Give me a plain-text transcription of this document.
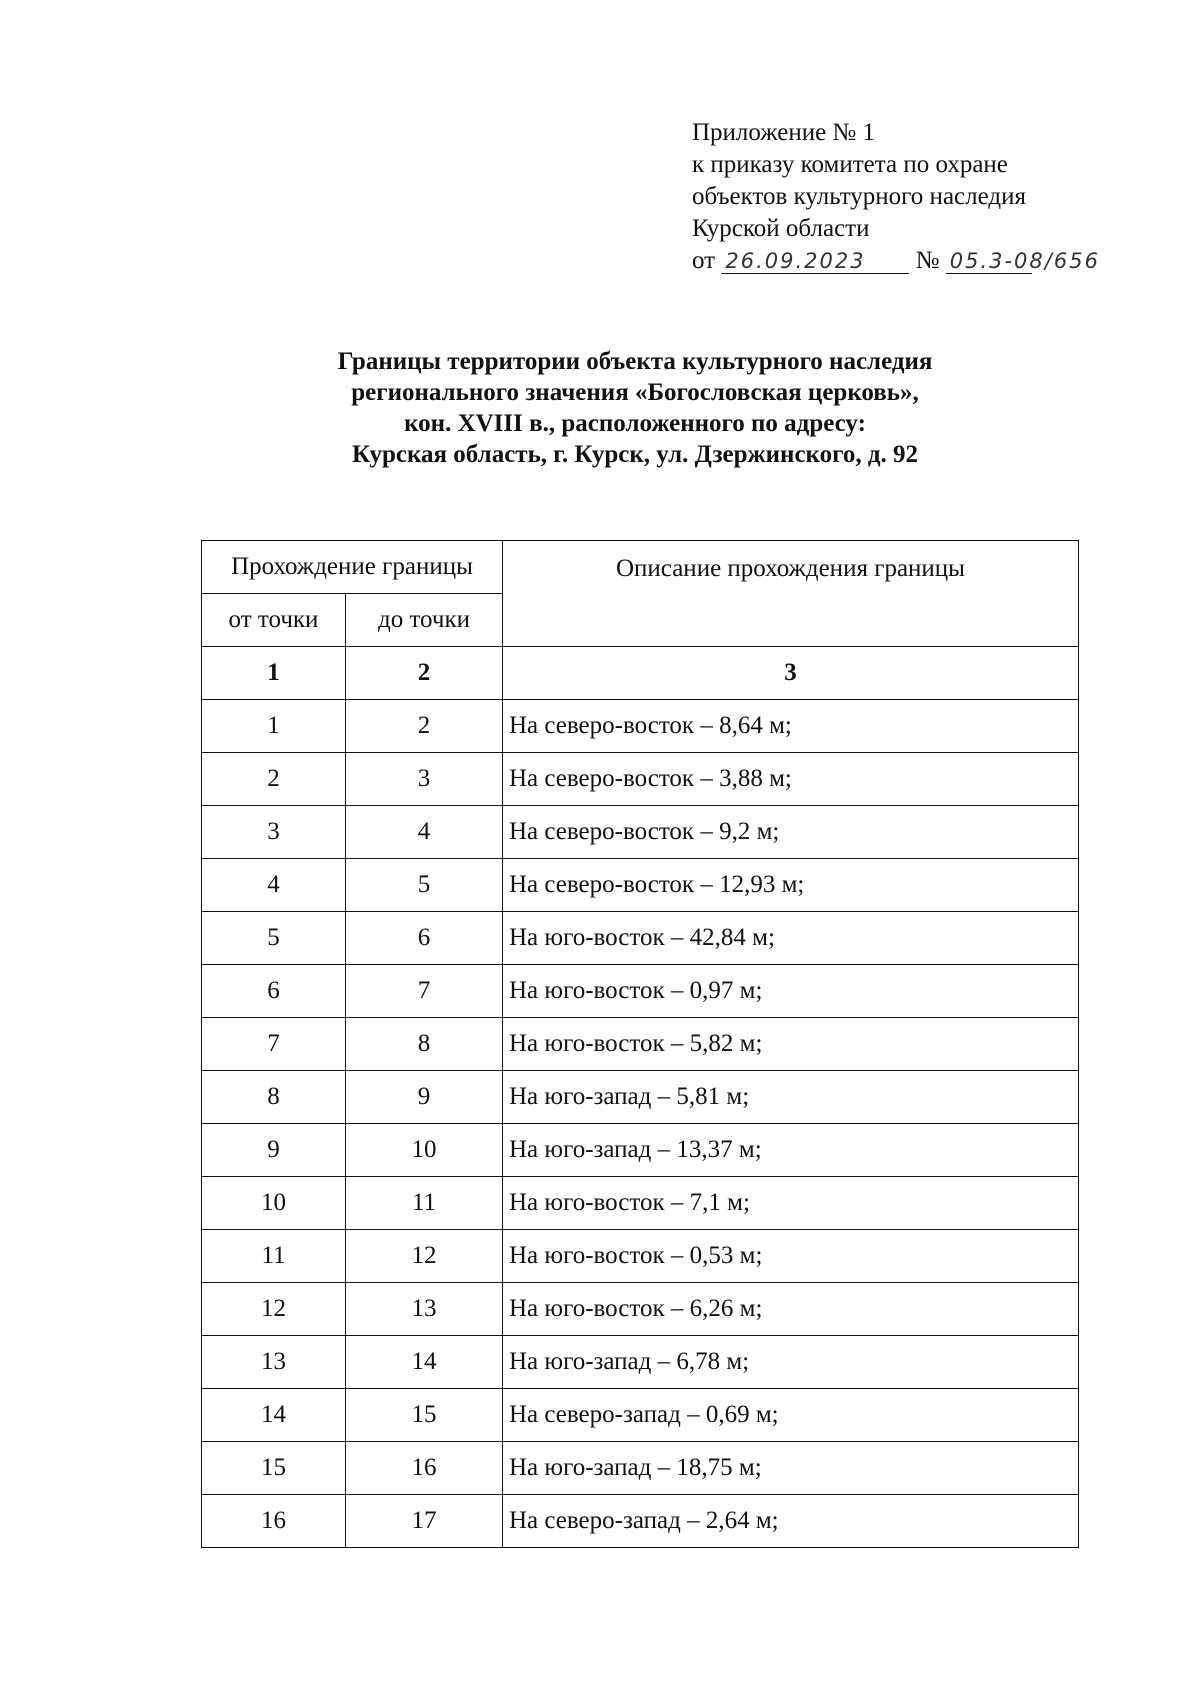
Приложение № 1
к приказу комитета по охране
объектов культурного наследия
Курской области
от 26.09.2023 № 05.3-08/656
Границы территории объекта культурного наследия
регионального значения «Богословская церковь»,
кон. XVIII в., расположенного по адресу:
Курская область, г. Курск, ул. Дзержинского, д. 92
Прохождение границы		Описание прохождения границы
от точки	до точки	
1	2	3
1	2	На северо-восток – 8,64 м;
2	3	На северо-восток – 3,88 м;
3	4	На северо-восток – 9,2 м;
4	5	На северо-восток – 12,93 м;
5	6	На юго-восток – 42,84 м;
6	7	На юго-восток – 0,97 м;
7	8	На юго-восток – 5,82 м;
8	9	На юго-запад – 5,81 м;
9	10	На юго-запад – 13,37 м;
10	11	На юго-восток – 7,1 м;
11	12	На юго-восток – 0,53 м;
12	13	На юго-восток – 6,26 м;
13	14	На юго-запад – 6,78 м;
14	15	На северо-запад – 0,69 м;
15	16	На юго-запад – 18,75 м;
16	17	На северо-запад – 2,64 м;
